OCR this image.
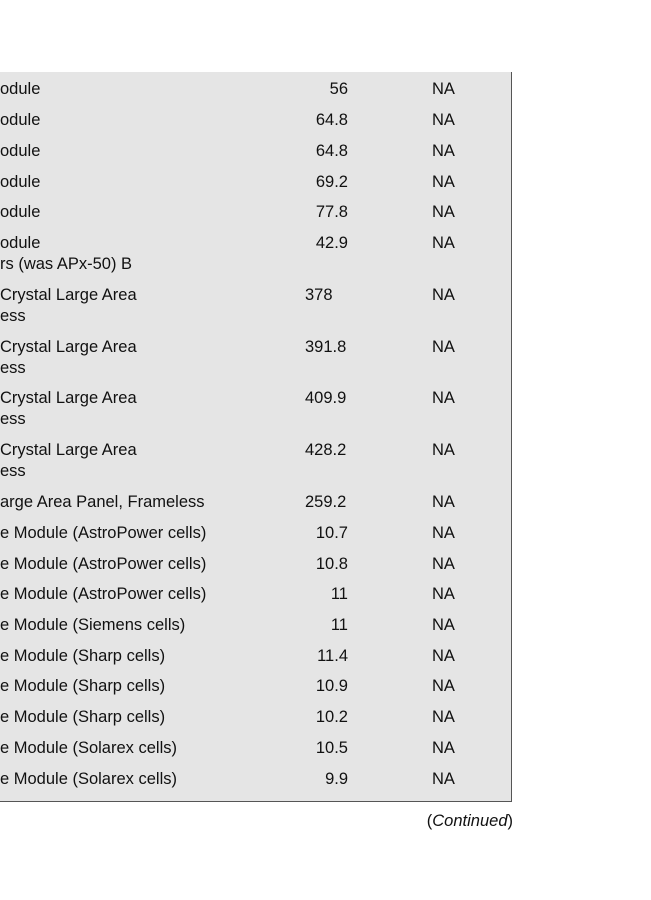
odule	56	NA
odule	64.8	NA
odule	64.8	NA
odule	69.2	NA
odule	77.8	NA
odule
rs (was APx-50) B
42.9	NA
Crystal Large Area
ess
378	NA
Crystal Large Area
ess
391.8	NA
Crystal Large Area
ess
409.9	NA
Crystal Large Area
ess
428.2	NA
arge Area Panel, Frameless	259.2	NA
e Module (AstroPower cells)	10.7	NA
e Module (AstroPower cells)	10.8	NA
e Module (AstroPower cells)	11	NA
e Module (Siemens cells)	11	NA
e Module (Sharp cells)	11.4	NA
e Module (Sharp cells)	10.9	NA
e Module (Sharp cells)	10.2	NA
e Module (Solarex cells)	10.5	NA
e Module (Solarex cells)	9.9	NA
(Continued)
